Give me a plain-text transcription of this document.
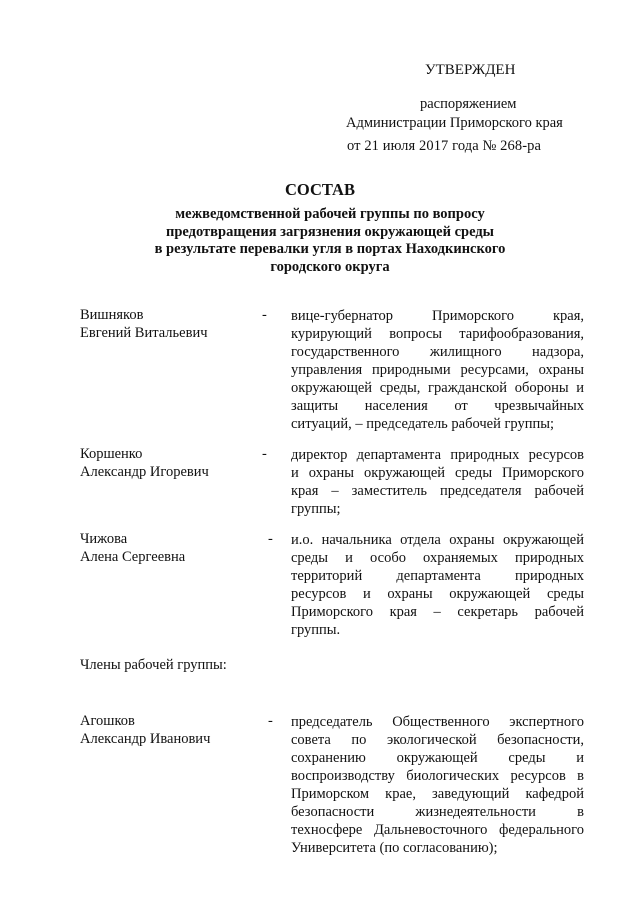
УТВЕРЖДЕН
распоряжением
Администрации Приморского края
от 21 июля 2017 года № 268-ра
СОСТАВ
межведомственной рабочей группы по вопросу
предотвращения загрязнения окружающей среды
в результате перевалки угля в портах Находкинского
городского округа
Вишняков
Евгений Витальевич
- вице-губернатор Приморского края,
курирующий вопросы тарифообразования,
государственного жилищного надзора,
управления природными ресурсами, охраны
окружающей среды, гражданской обороны и
защиты населения от чрезвычайных
ситуаций, – председатель рабочей группы;
Коршенко
Александр Игоревич
- директор департамента природных ресурсов
и охраны окружающей среды Приморского
края – заместитель председателя рабочей
группы;
Чижова
Алена Сергеевна
- и.о. начальника отдела охраны окружающей
среды и особо охраняемых природных
территорий департамента природных
ресурсов и охраны окружающей среды
Приморского края – секретарь рабочей
группы.
Члены рабочей группы:
Агошков
Александр Иванович
- председатель Общественного экспертного
совета по экологической безопасности,
сохранению окружающей среды и
воспроизводству биологических ресурсов в
Приморском крае, заведующий кафедрой
безопасности жизнедеятельности в
техносфере Дальневосточного федерального
Университета (по согласованию);
